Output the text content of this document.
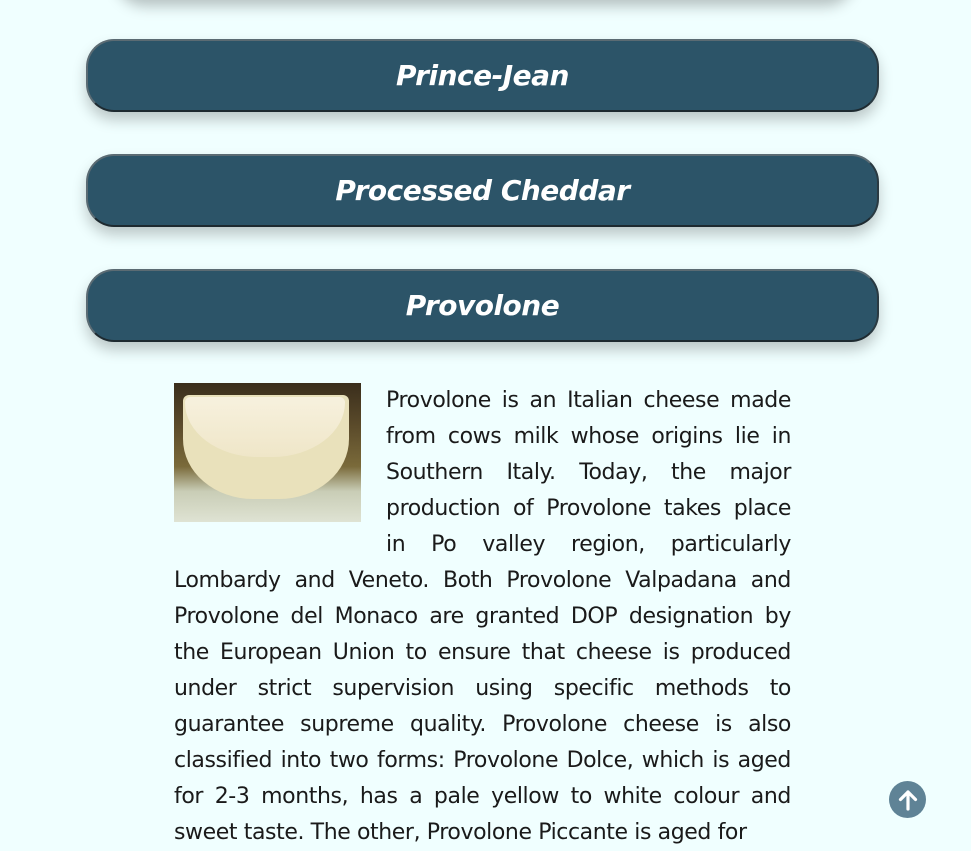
Prince-Jean
Processed Cheddar
Provolone
Provolone is an Italian cheese made from cows milk whose origins lie in Southern Italy. Today, the major production of Provolone takes place in Po valley region, particularly Lombardy and Veneto. Both Provolone Valpadana and Provolone del Monaco are granted DOP designation by the European Union to ensure that cheese is produced under strict supervision using specific methods to guarantee supreme quality. Provolone cheese is also classified into two forms: Provolone Dolce, which is aged for 2-3 months, has a pale yellow to white colour and sweet taste. The other, Provolone Piccante is aged for
